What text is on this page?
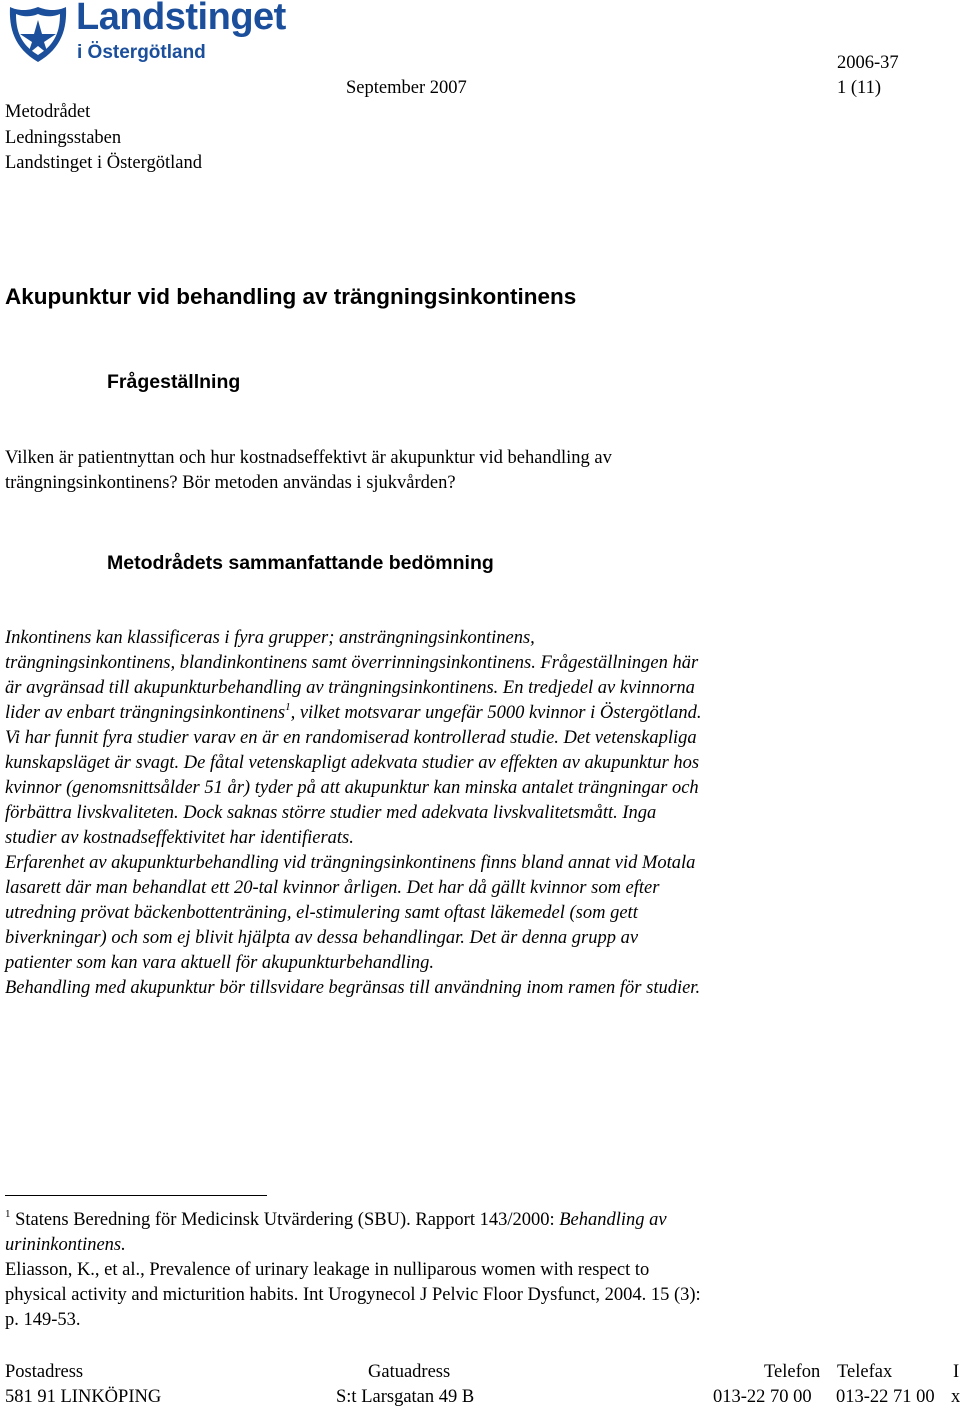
Landstinget
i Östergötland
Metodrådet
Ledningsstaben
Landstinget i Östergötland
September 2007
2006-37
1 (11)
Akupunktur vid behandling av trängningsinkontinens
Frågeställning
Vilken är patientnyttan och hur kostnadseffektivt är akupunktur vid behandling av
trängningsinkontinens? Bör metoden användas i sjukvården?
Metodrådets sammanfattande bedömning
Inkontinens kan klassificeras i fyra grupper; ansträngningsinkontinens,
trängningsinkontinens, blandinkontinens samt överrinningsinkontinens. Frågeställningen här
är avgränsad till akupunkturbehandling av trängningsinkontinens. En tredjedel av kvinnorna
lider av enbart trängningsinkontinens$^1$, vilket motsvarar ungefär 5000 kvinnor i Östergötland.
Vi har funnit fyra studier varav en är en randomiserad kontrollerad studie. Det vetenskapliga
kunskapsläget är svagt. De fåtal vetenskapligt adekvata studier av effekten av akupunktur hos
kvinnor (genomsnittsålder 51 år) tyder på att akupunktur kan minska antalet trängningar och
förbättra livskvaliteten. Dock saknas större studier med adekvata livskvalitetsmått. Inga
studier av kostnadseffektivitet har identifierats.
Erfarenhet av akupunkturbehandling vid trängningsinkontinens finns bland annat vid Motala
lasarett där man behandlat ett 20-tal kvinnor årligen. Det har då gällt kvinnor som efter
utredning prövat bäckenbottenträning, el-stimulering samt oftast läkemedel (som gett
biverkningar) och som ej blivit hjälpta av dessa behandlingar. Det är denna grupp av
patienter som kan vara aktuell för akupunkturbehandling.
Behandling med akupunktur bör tillsvidare begränsas till användning inom ramen för studier.
$^1$ Statens Beredning för Medicinsk Utvärdering (SBU). Rapport 143/2000: Behandling av
urininkontinens.
Eliasson, K., et al., Prevalence of urinary leakage in nulliparous women with respect to
physical activity and micturition habits. Int Urogynecol J Pelvic Floor Dysfunct, 2004. 15 (3):
p. 149-53.
Postadress	Gatuadress	Telefon Telefax	I
581 91 LINKÖPING	S:t Larsgatan 49 B	013-22 70 00 013-22 71 00 x
